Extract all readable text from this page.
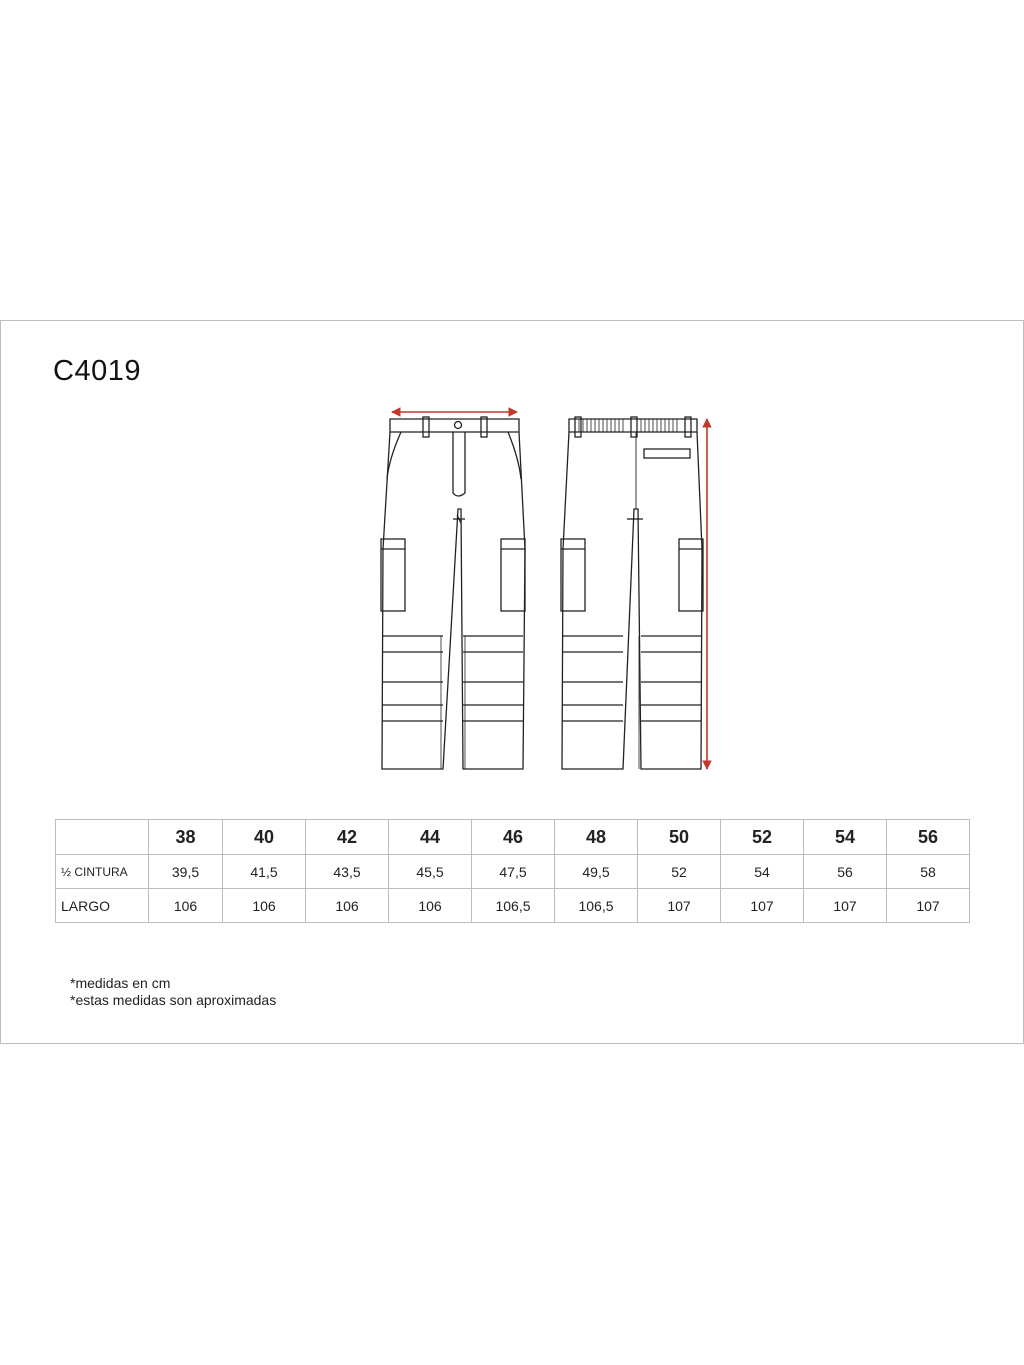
C4019
	38	40	42	44	46	48	50	52	54	56
½ CINTURA	39,5	41,5	43,5	45,5	47,5	49,5	52	54	56	58
LARGO	106	106	106	106	106,5	106,5	107	107	107	107
*medidas en cm
*estas medidas son aproximadas
